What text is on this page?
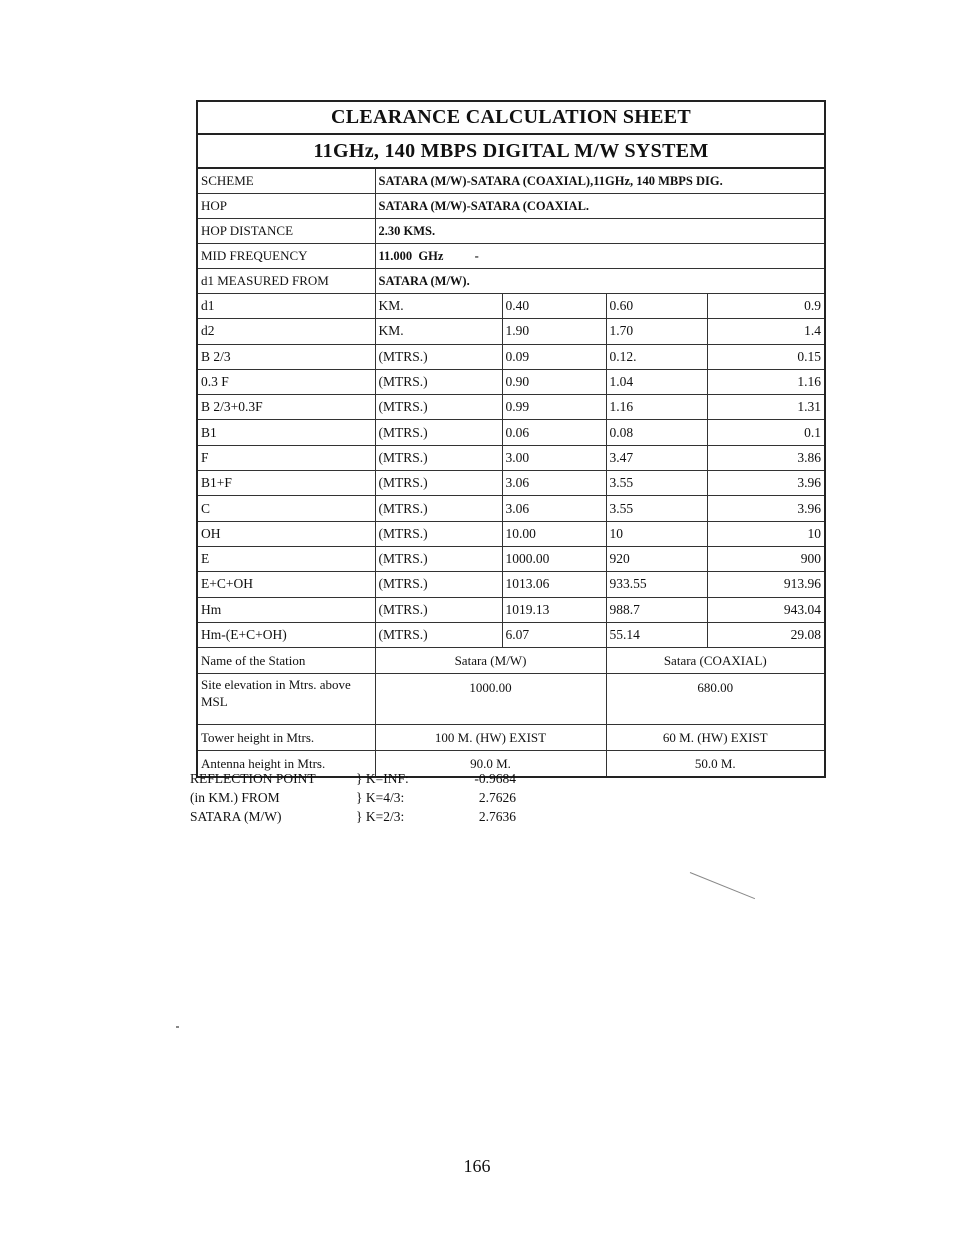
CLEARANCE CALCULATION SHEET				
11GHz, 140 MBPS DIGITAL M/W SYSTEM				
SCHEME	SATARA (M/W)-SATARA (COAXIAL),11GHz, 140 MBPS DIG.			
HOP	SATARA (M/W)-SATARA (COAXIAL.			
HOP DISTANCE	2.30 KMS.			
MID FREQUENCY	11.000  GHz          -			
d1 MEASURED FROM	SATARA (M/W).			
d1	KM.	0.40	0.60	0.9
d2	KM.	1.90	1.70	1.4
B 2/3	(MTRS.)	0.09	0.12.	0.15
0.3 F	(MTRS.)	0.90	1.04	1.16
B 2/3+0.3F	(MTRS.)	0.99	1.16	1.31
B1	(MTRS.)	0.06	0.08	0.1
F	(MTRS.)	3.00	3.47	3.86
B1+F	(MTRS.)	3.06	3.55	3.96
C	(MTRS.)	3.06	3.55	3.96
OH	(MTRS.)	10.00	10	10
E	(MTRS.)	1000.00	920	900
E+C+OH	(MTRS.)	1013.06	933.55	913.96
Hm	(MTRS.)	1019.13	988.7	943.04
Hm-(E+C+OH)	(MTRS.)	6.07	55.14	29.08
Name of the Station	Satara (M/W)		Satara (COAXIAL)	
Site elevation in Mtrs. above MSL	1000.00		680.00	
Tower height in Mtrs.	100 M. (HW) EXIST		60 M. (HW) EXIST	
Antenna height in Mtrs.	90.0 M.		50.0 M.	
REFLECTION POINT	} K=INF:	-0.9684
(in KM.) FROM	} K=4/3:	2.7626
SATARA (M/W)	} K=2/3:	2.7636
166
